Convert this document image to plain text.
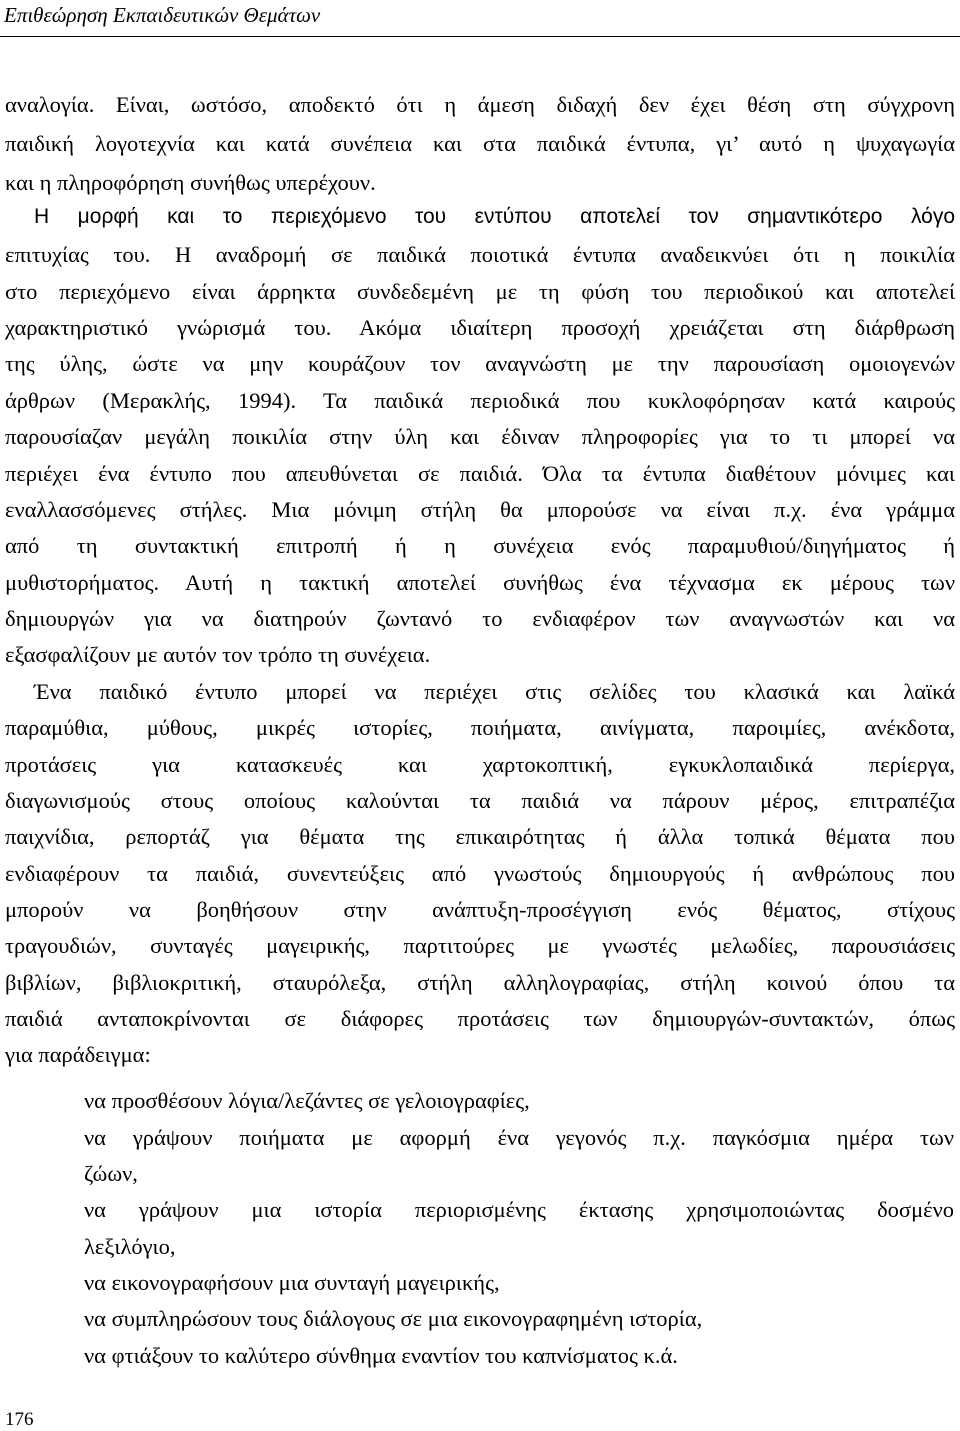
Επιθεώρηση Εκπαιδευτικών Θεμάτων
αναλογία. Είναι, ωστόσο, αποδεκτό ότι η άμεση διδαχή δεν έχει θέση στη σύγχρονη
παιδική λογοτεχνία και κατά συνέπεια και στα παιδικά έντυπα, γι’ αυτό η ψυχαγωγία
και η πληροφόρηση συνήθως υπερέχουν.
Η μορφή και το περιεχόμενο του εντύπου αποτελεί τον σημαντικότερο λόγο
επιτυχίας του. Η αναδρομή σε παιδικά ποιοτικά έντυπα αναδεικνύει ότι η ποικιλία
στο περιεχόμενο είναι άρρηκτα συνδεδεμένη με τη φύση του περιοδικού και αποτελεί
χαρακτηριστικό γνώρισμά του. Ακόμα ιδιαίτερη προσοχή χρειάζεται στη διάρθρωση
της ύλης, ώστε να μην κουράζουν τον αναγνώστη με την παρουσίαση ομοιογενών
άρθρων (Μερακλής, 1994). Τα παιδικά περιοδικά που κυκλοφόρησαν κατά καιρούς
παρουσίαζαν μεγάλη ποικιλία στην ύλη και έδιναν πληροφορίες για το τι μπορεί να
περιέχει ένα έντυπο που απευθύνεται σε παιδιά. Όλα τα έντυπα διαθέτουν μόνιμες και
εναλλασσόμενες στήλες. Μια μόνιμη στήλη θα μπορούσε να είναι π.χ. ένα γράμμα
από τη συντακτική επιτροπή ή η συνέχεια ενός παραμυθιού/διηγήματος ή
μυθιστορήματος. Αυτή η τακτική αποτελεί συνήθως ένα τέχνασμα εκ μέρους των
δημιουργών για να διατηρούν ζωντανό το ενδιαφέρον των αναγνωστών και να
εξασφαλίζουν με αυτόν τον τρόπο τη συνέχεια.
Ένα παιδικό έντυπο μπορεί να περιέχει στις σελίδες του κλασικά και λαϊκά
παραμύθια, μύθους, μικρές ιστορίες, ποιήματα, αινίγματα, παροιμίες, ανέκδοτα,
προτάσεις για κατασκευές και χαρτοκοπτική, εγκυκλοπαιδικά περίεργα,
διαγωνισμούς στους οποίους καλούνται τα παιδιά να πάρουν μέρος, επιτραπέζια
παιχνίδια, ρεπορτάζ για θέματα της επικαιρότητας ή άλλα τοπικά θέματα που
ενδιαφέρουν τα παιδιά, συνεντεύξεις από γνωστούς δημιουργούς ή ανθρώπους που
μπορούν να βοηθήσουν στην ανάπτυξη-προσέγγιση ενός θέματος, στίχους
τραγουδιών, συνταγές μαγειρικής, παρτιτούρες με γνωστές μελωδίες, παρουσιάσεις
βιβλίων, βιβλιοκριτική, σταυρόλεξα, στήλη αλληλογραφίας, στήλη κοινού όπου τα
παιδιά ανταποκρίνονται σε διάφορες προτάσεις των δημιουργών-συντακτών, όπως
για παράδειγμα:
να προσθέσουν λόγια/λεζάντες σε γελοιογραφίες,
να γράψουν ποιήματα με αφορμή ένα γεγονός π.χ. παγκόσμια ημέρα των
ζώων,
να γράψουν μια ιστορία περιορισμένης έκτασης χρησιμοποιώντας δοσμένο
λεξιλόγιο,
να εικονογραφήσουν μια συνταγή μαγειρικής,
να συμπληρώσουν τους διάλογους σε μια εικονογραφημένη ιστορία,
να φτιάξουν το καλύτερο σύνθημα εναντίον του καπνίσματος κ.ά.
176
